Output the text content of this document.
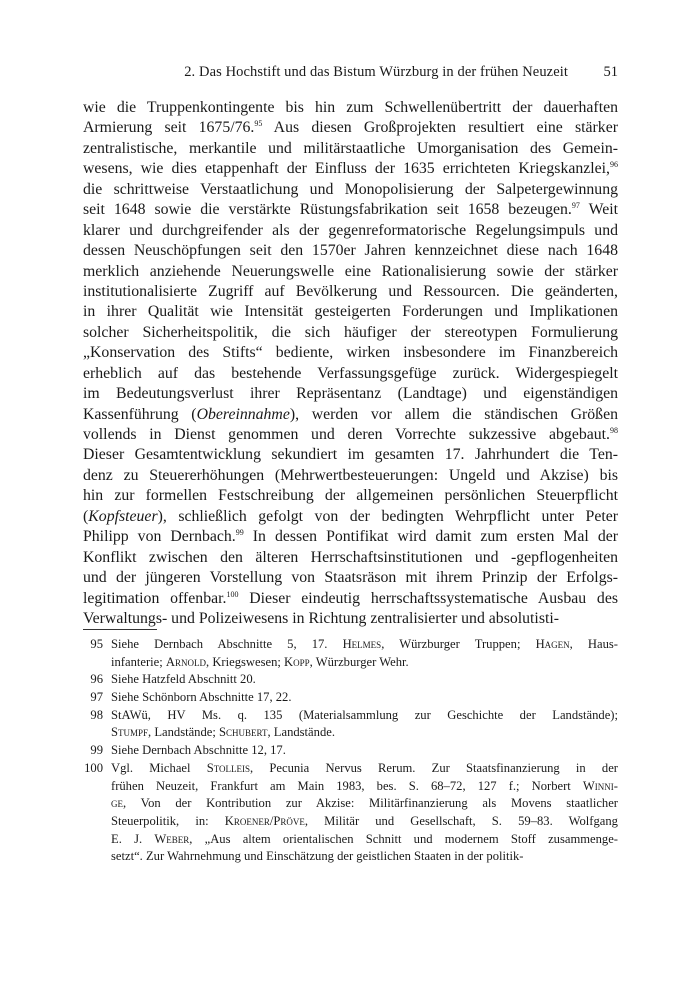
2. Das Hochstift und das Bistum Würzburg in der frühen Neuzeit 51
wie die Truppenkontingente bis hin zum Schwellenübertritt der dauerhaften
Armierung seit 1675/76.95 Aus diesen Großprojekten resultiert eine stärker
zentralistische, merkantile und militärstaatliche Umorganisation des Gemein-
wesens, wie dies etappenhaft der Einfluss der 1635 errichteten Kriegskanzlei,$^{96}$
die schrittweise Verstaatlichung und Monopolisierung der Salpetergewinnung
seit 1648 sowie die verstärkte Rüstungsfabrikation seit 1658 bezeugen.$^{97}$ Weit
klarer und durchgreifender als der gegenreformatorische Regelungsimpuls und
dessen Neuschöpfungen seit den 1570er Jahren kennzeichnet diese nach 1648
merklich anziehende Neuerungswelle eine Rationalisierung sowie der stärker
institutionalisierte Zugriff auf Bevölkerung und Ressourcen. Die geänderten,
in ihrer Qualität wie Intensität gesteigerten Forderungen und Implikationen
solcher Sicherheitspolitik, die sich häufiger der stereotypen Formulierung
„Konservation des Stifts“ bediente, wirken insbesondere im Finanzbereich
erheblich auf das bestehende Verfassungsgefüge zurück. Widergespiegelt
im Bedeutungsverlust ihrer Repräsentanz (Landtage) und eigenständigen
Kassenführung (Obereinnahme), werden vor allem die ständischen Größen
vollends in Dienst genommen und deren Vorrechte sukzessive abgebaut.$^{98}$
Dieser Gesamtentwicklung sekundiert im gesamten 17. Jahrhundert die Ten-
denz zu Steuererhöhungen (Mehrwertbesteuerungen: Ungeld und Akzise) bis
hin zur formellen Festschreibung der allgemeinen persönlichen Steuerpflicht
(Kopfsteuer), schließlich gefolgt von der bedingten Wehrpflicht unter Peter
Philipp von Dernbach.$^{99}$ In dessen Pontifikat wird damit zum ersten Mal der
Konflikt zwischen den älteren Herrschaftsinstitutionen und -gepflogenheiten
und der jüngeren Vorstellung von Staatsräson mit ihrem Prinzip der Erfolgs-
legitimation offenbar.$^{100}$ Dieser eindeutig herrschaftssystematische Ausbau des
Verwaltungs- und Polizeiwesens in Richtung zentralisierter und absolutisti-
95 Siehe Dernbach Abschnitte 5, 17. Helmes, Würzburger Truppen; Hagen, Haus-
infanterie; Arnold, Kriegswesen; Kopp, Würzburger Wehr.
96 Siehe Hatzfeld Abschnitt 20.
97 Siehe Schönborn Abschnitte 17, 22.
98 StAWü, HV Ms. q. 135 (Materialsammlung zur Geschichte der Landstände);
Stumpf, Landstände; Schubert, Landstände.
99 Siehe Dernbach Abschnitte 12, 17.
100 Vgl. Michael Stolleis, Pecunia Nervus Rerum. Zur Staatsfinanzierung in der
frühen Neuzeit, Frankfurt am Main 1983, bes. S. 68–72, 127 f.; Norbert Winni-
ge, Von der Kontribution zur Akzise: Militärfinanzierung als Movens staatlicher
Steuerpolitik, in: Kroener/Pröve, Militär und Gesellschaft, S. 59–83. Wolfgang
E. J. Weber, „Aus altem orientalischen Schnitt und modernem Stoff zusammenge-
setzt“. Zur Wahrnehmung und Einschätzung der geistlichen Staaten in der politik-
